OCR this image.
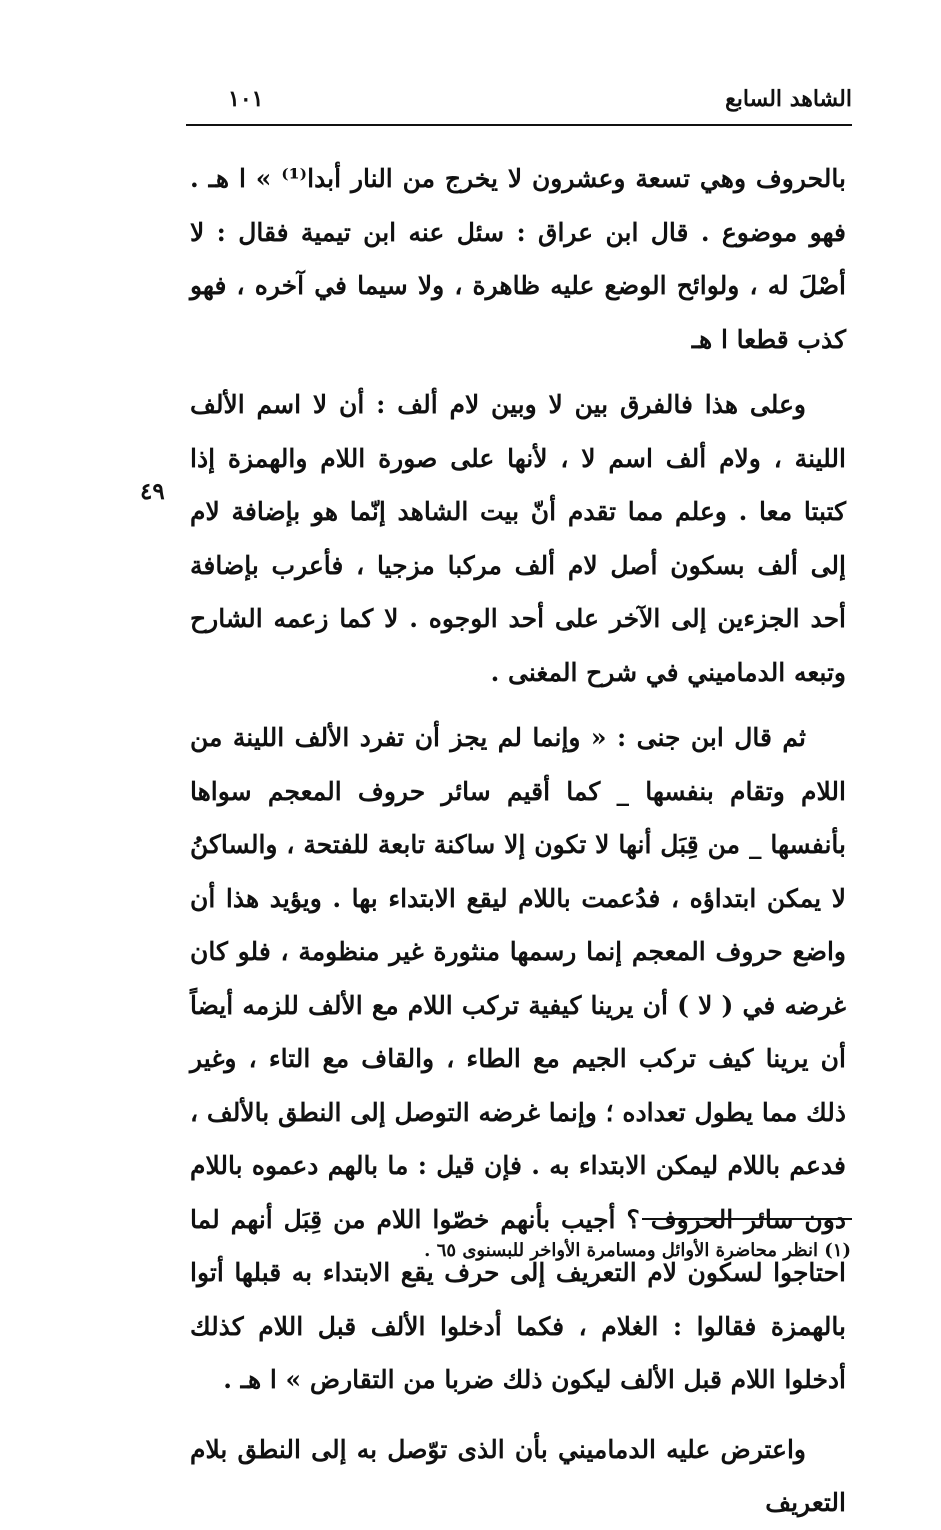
الشاهد السابع
١٠١

بالحروف وهي تسعة وعشرون لا يخرج من النار أبدا⁽¹⁾ » ا هـ . فهو موضوع . قال ابن عراق : سئل عنه ابن تيمية فقال : لا أصْلَ له ، ولوائح الوضع عليه ظاهرة ، ولا سيما في آخره ، فهو كذب قطعا ا هـ

وعلى هذا فالفرق بين لا وبين لام ألف : أن لا اسم الألف اللينة ، ولام ألف اسم لا ، لأنها على صورة اللام والهمزة إذا كتبتا معا . وعلم مما تقدم أنّ بيت الشاهد إنّما هو بإضافة لام إلى ألف بسكون أصل لام ألف مركبا مزجيا ، فأعرب بإضافة أحد الجزءين إلى الآخر على أحد الوجوه . لا كما زعمه الشارح وتبعه الدماميني في شرح المغنى .

ثم قال ابن جنى : « وإنما لم يجز أن تفرد الألف اللينة من اللام وتقام بنفسها _ كما أقيم سائر حروف المعجم سواها بأنفسها _ من قِبَل أنها لا تكون إلا ساكنة تابعة للفتحة ، والساكنُ لا يمكن ابتداؤه ، فدُعمت باللام ليقع الابتداء بها . ويؤيد هذا أن واضع حروف المعجم إنما رسمها منثورة غير منظومة ، فلو كان غرضه في ( لا ) أن يرينا كيفية تركب اللام مع الألف للزمه أيضاً أن يرينا كيف تركب الجيم مع الطاء ، والقاف مع التاء ، وغير ذلك مما يطول تعداده ؛ وإنما غرضه التوصل إلى النطق بالألف ، فدعم باللام ليمكن الابتداء به . فإن قيل : ما بالهم دعموه باللام دون سائر الحروف ؟ أجيب بأنهم خصّوا اللام من قِبَل أنهم لما احتاجوا لسكون لام التعريف إلى حرف يقع الابتداء به قبلها أتوا بالهمزة فقالوا : الغلام ، فكما أدخلوا الألف قبل اللام كذلك أدخلوا اللام قبل الألف ليكون ذلك ضربا من التقارض » ا هـ .

واعترض عليه الدماميني بأن الذى توّصل به إلى النطق بلام التعريف

٤٩
(١) انظر محاضرة الأوائل ومسامرة الأواخر للبسنوى ٦٥ .
